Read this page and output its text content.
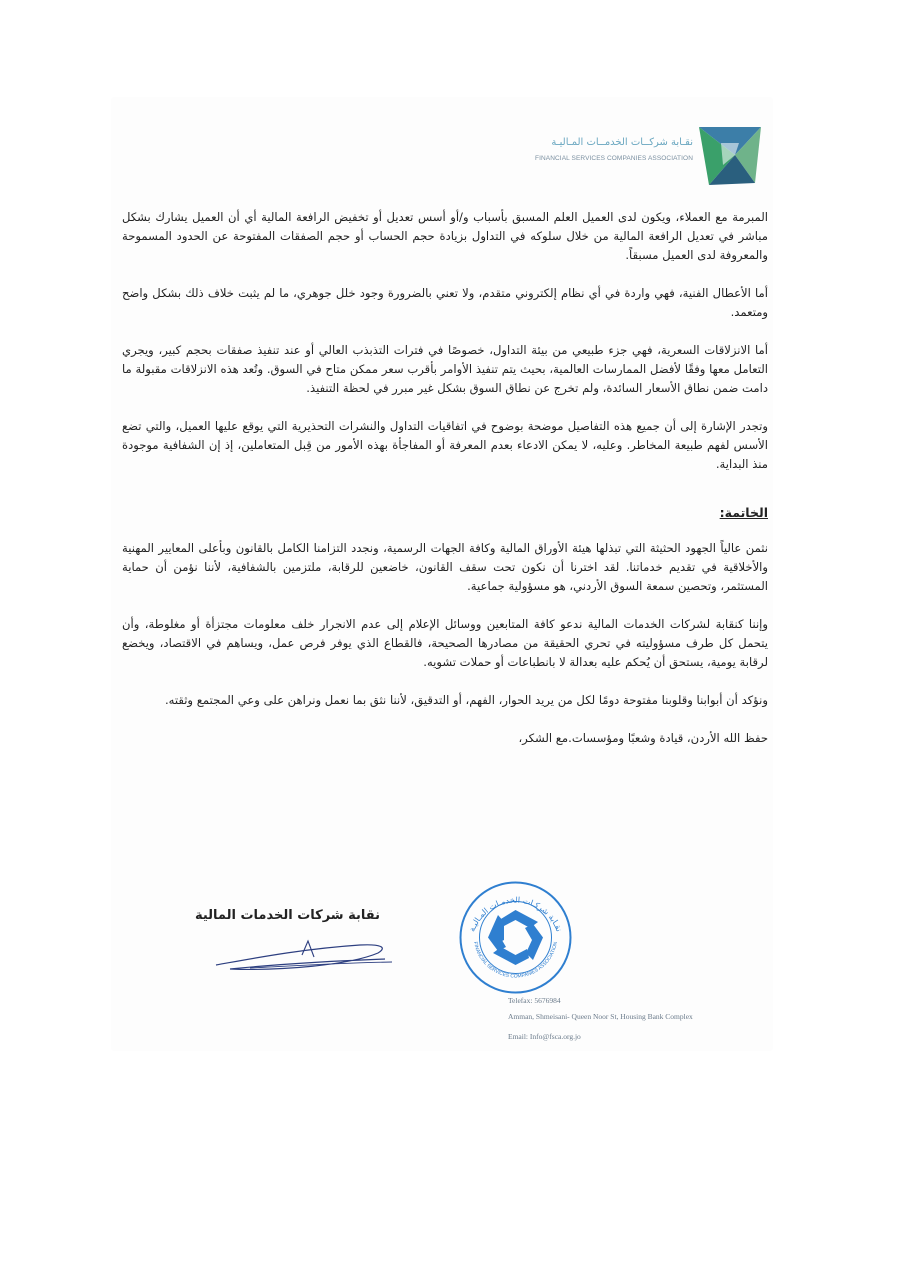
نقـابة شركــات الخدمــات المـاليـة
FINANCIAL SERVICES COMPANIES ASSOCIATION

المبرمة مع العملاء، ويكون لدى العميل العلم المسبق بأسباب و/أو أسس تعديل أو تخفيض الرافعة المالية أي أن العميل يشارك بشكل مباشر في تعديل الرافعة المالية من خلال سلوكه في التداول بزيادة حجم الحساب أو حجم الصفقات المفتوحة عن الحدود المسموحة والمعروفة لدى العميل مسبقاً.

أما الأعطال الفنية، فهي واردة في أي نظام إلكتروني متقدم، ولا تعني بالضرورة وجود خلل جوهري، ما لم يثبت خلاف ذلك بشكل واضح ومتعمد.

أما الانزلاقات السعرية، فهي جزء طبيعي من بيئة التداول، خصوصًا في فترات التذبذب العالي أو عند تنفيذ صفقات بحجم كبير، ويجري التعامل معها وفقًا لأفضل الممارسات العالمية، بحيث يتم تنفيذ الأوامر بأقرب سعر ممكن متاح في السوق. وتُعد هذه الانزلاقات مقبولة ما دامت ضمن نطاق الأسعار السائدة، ولم تخرج عن نطاق السوق بشكل غير مبرر في لحظة التنفيذ.

وتجدر الإشارة إلى أن جميع هذه التفاصيل موضحة بوضوح في اتفاقيات التداول والنشرات التحذيرية التي يوقع عليها العميل، والتي تضع الأسس لفهم طبيعة المخاطر. وعليه، لا يمكن الادعاء بعدم المعرفة أو المفاجأة بهذه الأمور من قِبل المتعاملين، إذ إن الشفافية موجودة منذ البداية.

الخاتمة:

نثمن عالياً الجهود الحثيثة التي تبذلها هيئة الأوراق المالية وكافة الجهات الرسمية، ونجدد التزامنا الكامل بالقانون وبأعلى المعايير المهنية والأخلاقية في تقديم خدماتنا. لقد اخترنا أن نكون تحت سقف القانون، خاضعين للرقابة، ملتزمين بالشفافية، لأننا نؤمن أن حماية المستثمر، وتحصين سمعة السوق الأردني، هو مسؤولية جماعية.

وإننا كنقابة لشركات الخدمات المالية ندعو كافة المتابعين ووسائل الإعلام إلى عدم الانجرار خلف معلومات مجتزأة أو مغلوطة، وأن يتحمل كل طرف مسؤوليته في تحري الحقيقة من مصادرها الصحيحة، فالقطاع الذي يوفر فرص عمل، ويساهم في الاقتصاد، ويخضع لرقابة يومية، يستحق أن يُحكم عليه بعدالة لا بانطباعات أو حملات تشويه.

ونؤكد أن أبوابنا وقلوبنا مفتوحة دومًا لكل من يريد الحوار، الفهم، أو التدقيق، لأننا نثق بما نعمل ونراهن على وعي المجتمع وثقته.

حفظ الله الأردن، قيادة وشعبًا ومؤسسات.مع الشكر،

نقابة شركات الخدمات المالية
نقـابة شركـات الخدمـات المـاليـة
FINANCIAL SERVICES COMPANIES ASSOCIATION
Telefax: 5676984
Amman, Shmeisani- Queen Noor St, Housing Bank Complex
Email: Info@fsca.org.jo
